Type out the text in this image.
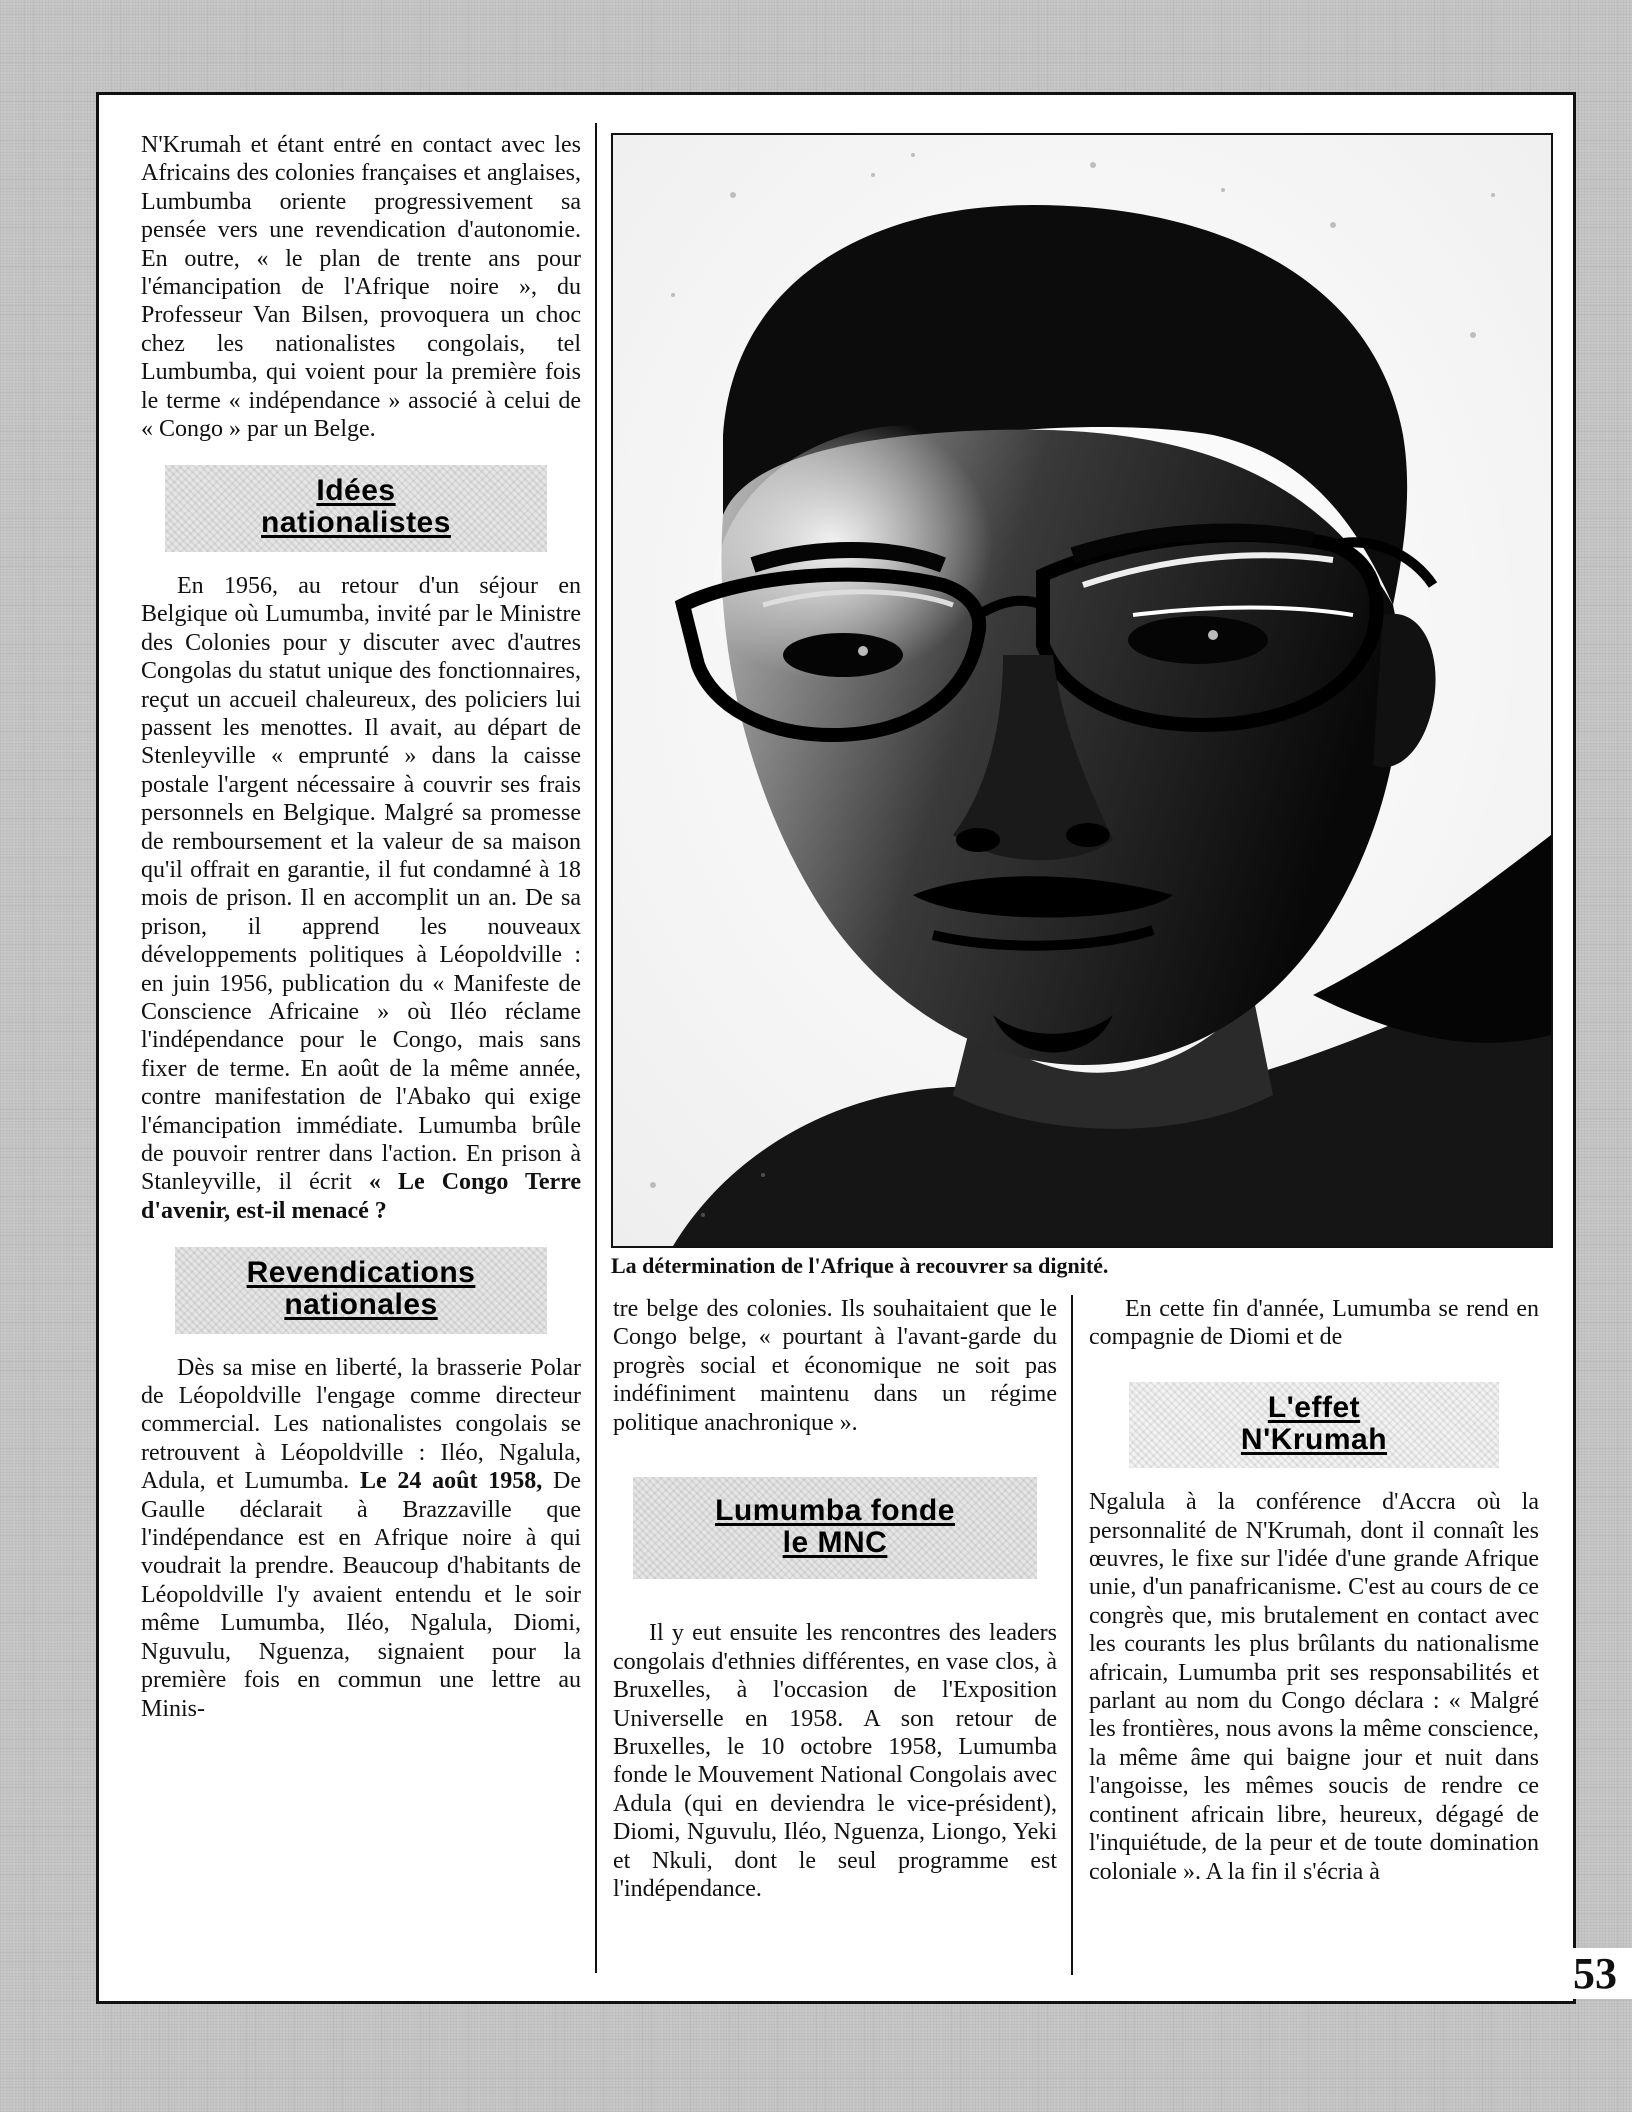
N'Krumah et étant entré en contact avec les Africains des colonies françaises et anglaises, Lumbumba oriente progressivement sa pensée vers une revendication d'autonomie. En outre, « le plan de trente ans pour l'émancipation de l'Afrique noire », du Professeur Van Bilsen, provoquera un choc chez les nationalistes congolais, tel Lumbumba, qui voient pour la première fois le terme « indépendance » associé à celui de « Congo » par un Belge.

Idées nationalistes

En 1956, au retour d'un séjour en Belgique où Lumumba, invité par le Ministre des Colonies pour y discuter avec d'autres Congolas du statut unique des fonctionnaires, reçut un accueil chaleureux, des policiers lui passent les menottes. Il avait, au départ de Stenleyville « emprunté » dans la caisse postale l'argent nécessaire à couvrir ses frais personnels en Belgique. Malgré sa promesse de remboursement et la valeur de sa maison qu'il offrait en garantie, il fut condamné à 18 mois de prison. Il en accomplit un an. De sa prison, il apprend les nouveaux développements politiques à Léopoldville : en juin 1956, publication du « Manifeste de Conscience Africaine » où Iléo réclame l'indépendance pour le Congo, mais sans fixer de terme. En août de la même année, contre manifestation de l'Abako qui exige l'émancipation immédiate. Lumumba brûle de pouvoir rentrer dans l'action. En prison à Stanleyville, il écrit « Le Congo Terre d'avenir, est-il menacé ?

Revendications nationales

Dès sa mise en liberté, la brasserie Polar de Léopoldville l'engage comme directeur commercial. Les nationalistes congolais se retrouvent à Léopoldville : Iléo, Ngalula, Adula, et Lumumba. Le 24 août 1958, De Gaulle déclarait à Brazzaville que l'indépendance est en Afrique noire à qui voudrait la prendre. Beaucoup d'habitants de Léopoldville l'y avaient entendu et le soir même Lumumba, Iléo, Ngalula, Diomi, Nguvulu, Nguenza, signaient pour la première fois en commun une lettre au Minis-

La détermination de l'Afrique à recouvrer sa dignité.

tre belge des colonies. Ils souhaitaient que le Congo belge, « pourtant à l'avant-garde du progrès social et économique ne soit pas indéfiniment maintenu dans un régime politique anachronique ».

Lumumba fonde le MNC

Il y eut ensuite les rencontres des leaders congolais d'ethnies différentes, en vase clos, à Bruxelles, à l'occasion de l'Exposition Universelle en 1958. A son retour de Bruxelles, le 10 octobre 1958, Lumumba fonde le Mouvement National Congolais avec Adula (qui en deviendra le vice-président), Diomi, Nguvulu, Iléo, Nguenza, Liongo, Yeki et Nkuli, dont le seul programme est l'indépendance.

En cette fin d'année, Lumumba se rend en compagnie de Diomi et de

L'effet N'Krumah

Ngalula à la conférence d'Accra où la personnalité de N'Krumah, dont il connaît les œuvres, le fixe sur l'idée d'une grande Afrique unie, d'un panafricanisme. C'est au cours de ce congrès que, mis brutalement en contact avec les courants les plus brûlants du nationalisme africain, Lumumba prit ses responsabilités et parlant au nom du Congo déclara : « Malgré les frontières, nous avons la même conscience, la même âme qui baigne jour et nuit dans l'angoisse, les mêmes soucis de rendre ce continent africain libre, heureux, dégagé de l'inquiétude, de la peur et de toute domination coloniale ». A la fin il s'écria à

53
